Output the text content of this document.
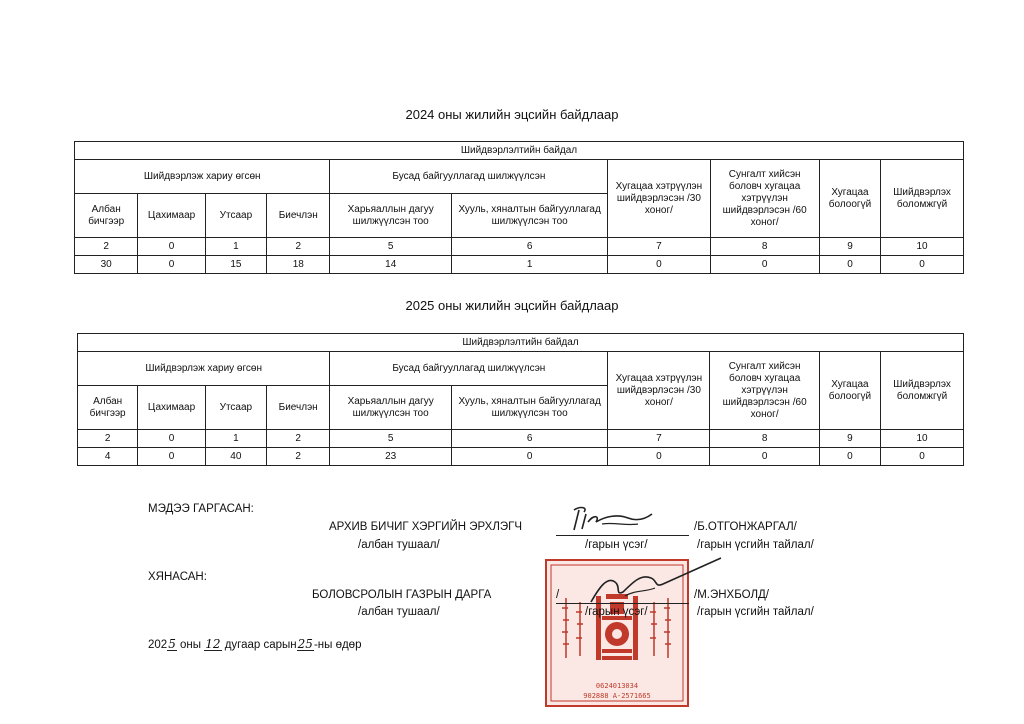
2024 оны жилийн эцсийн байдлаар
Шийдвэрлэлтийн байдал									
Шийдвэрлэж хариу өгсөн				Бусад байгууллагад шилжүүлсэн		Хугацаа хэтрүүлэн шийдвэрлэсэн /30 хоног/	Сунгалт хийсэн боловч хугацаа хэтрүүлэн шийдвэрлэсэн /60 хоног/	Хугацаа болоогүй	Шийдвэрлэх боломжгүй
Албан бичгээр	Цахимаар	Утсаар	Биечлэн	Харьяаллын дагуу шилжүүлсэн тоо	Хууль, хяналтын байгууллагад шилжүүлсэн тоо				
2	0	1	2	5	6	7	8	9	10
30	0	15	18	14	1	0	0	0	0
2025 оны жилийн эцсийн байдлаар
Шийдвэрлэлтийн байдал									
Шийдвэрлэж хариу өгсөн				Бусад байгууллагад шилжүүлсэн		Хугацаа хэтрүүлэн шийдвэрлэсэн /30 хоног/	Сунгалт хийсэн боловч хугацаа хэтрүүлэн шийдвэрлэсэн /60 хоног/	Хугацаа болоогүй	Шийдвэрлэх боломжгүй
Албан бичгээр	Цахимаар	Утсаар	Биечлэн	Харьяаллын дагуу шилжүүлсэн тоо	Хууль, хяналтын байгууллагад шилжүүлсэн тоо				
2	0	1	2	5	6	7	8	9	10
4	0	40	2	23	0	0	0	0	0
0624013034
902888 А-2571665
МЭДЭЭ ГАРГАСАН:
АРХИВ БИЧИГ ХЭРГИЙН ЭРХЛЭГЧ	/Б.ОТГОНЖАРГАЛ/
/албан тушаал/	/гарын үсэг/	/гарын үсгийн тайлал/
ХЯНАСАН:
БОЛОВСРОЛЫН ГАЗРЫН ДАРГА	/	/М.ЭНХБОЛД/
/албан тушаал/	/гарын үсэг/	/гарын үсгийн тайлал/
2025 оны 12 дугаар сарын25-ны өдөр
